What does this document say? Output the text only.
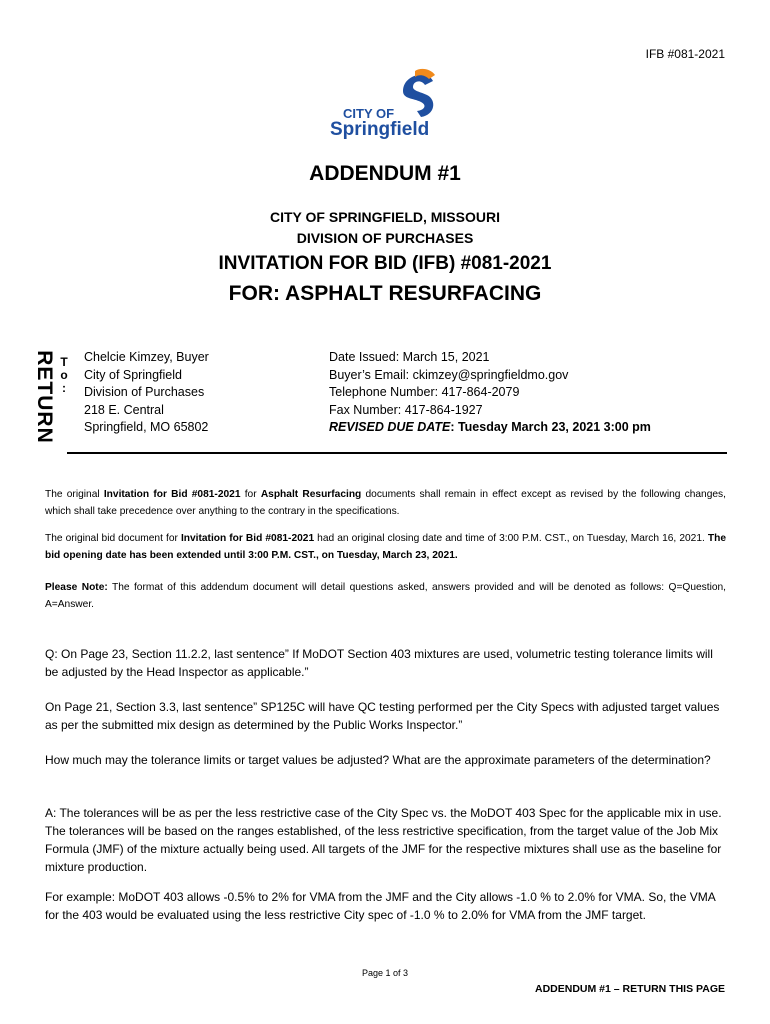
IFB #081-2021
CITY OF
Springfield
ADDENDUM #1
CITY OF SPRINGFIELD, MISSOURI
DIVISION OF PURCHASES
INVITATION FOR BID (IFB) #081-2021
FOR: ASPHALT RESURFACING
RETURN T
o
:
Chelcie Kimzey, Buyer
City of Springfield
Division of Purchases
218 E. Central
Springfield, MO 65802
Date Issued: March 15, 2021
Buyer’s Email: ckimzey@springfieldmo.gov
Telephone Number: 417-864-2079
Fax Number: 417-864-1927
REVISED DUE DATE: Tuesday March 23, 2021 3:00 pm
The original Invitation for Bid #081-2021 for Asphalt Resurfacing documents shall remain in effect except as revised by the following changes, which shall take precedence over anything to the contrary in the specifications.
The original bid document for Invitation for Bid #081-2021 had an original closing date and time of 3:00 P.M. CST., on Tuesday, March 16, 2021. The bid opening date has been extended until 3:00 P.M. CST., on Tuesday, March 23, 2021.
Please Note: The format of this addendum document will detail questions asked, answers provided and will be denoted as follows: Q=Question, A=Answer.
Q: On Page 23, Section 11.2.2, last sentence” If MoDOT Section 403 mixtures are used, volumetric testing tolerance limits will be adjusted by the Head Inspector as applicable.”
On Page 21, Section 3.3, last sentence” SP125C will have QC testing performed per the City Specs with adjusted target values as per the submitted mix design as determined by the Public Works Inspector.”
How much may the tolerance limits or target values be adjusted? What are the approximate parameters of the determination?
A: The tolerances will be as per the less restrictive case of the City Spec vs. the MoDOT 403 Spec for the applicable mix in use. The tolerances will be based on the ranges established, of the less restrictive specification, from the target value of the Job Mix Formula (JMF) of the mixture actually being used. All targets of the JMF for the respective mixtures shall use as the baseline for mixture production.
For example: MoDOT 403 allows -0.5% to 2% for VMA from the JMF and the City allows -1.0 % to 2.0% for VMA. So, the VMA for the 403 would be evaluated using the less restrictive City spec of -1.0 % to 2.0% for VMA from the JMF target.
Page 1 of 3
ADDENDUM #1 – RETURN THIS PAGE
